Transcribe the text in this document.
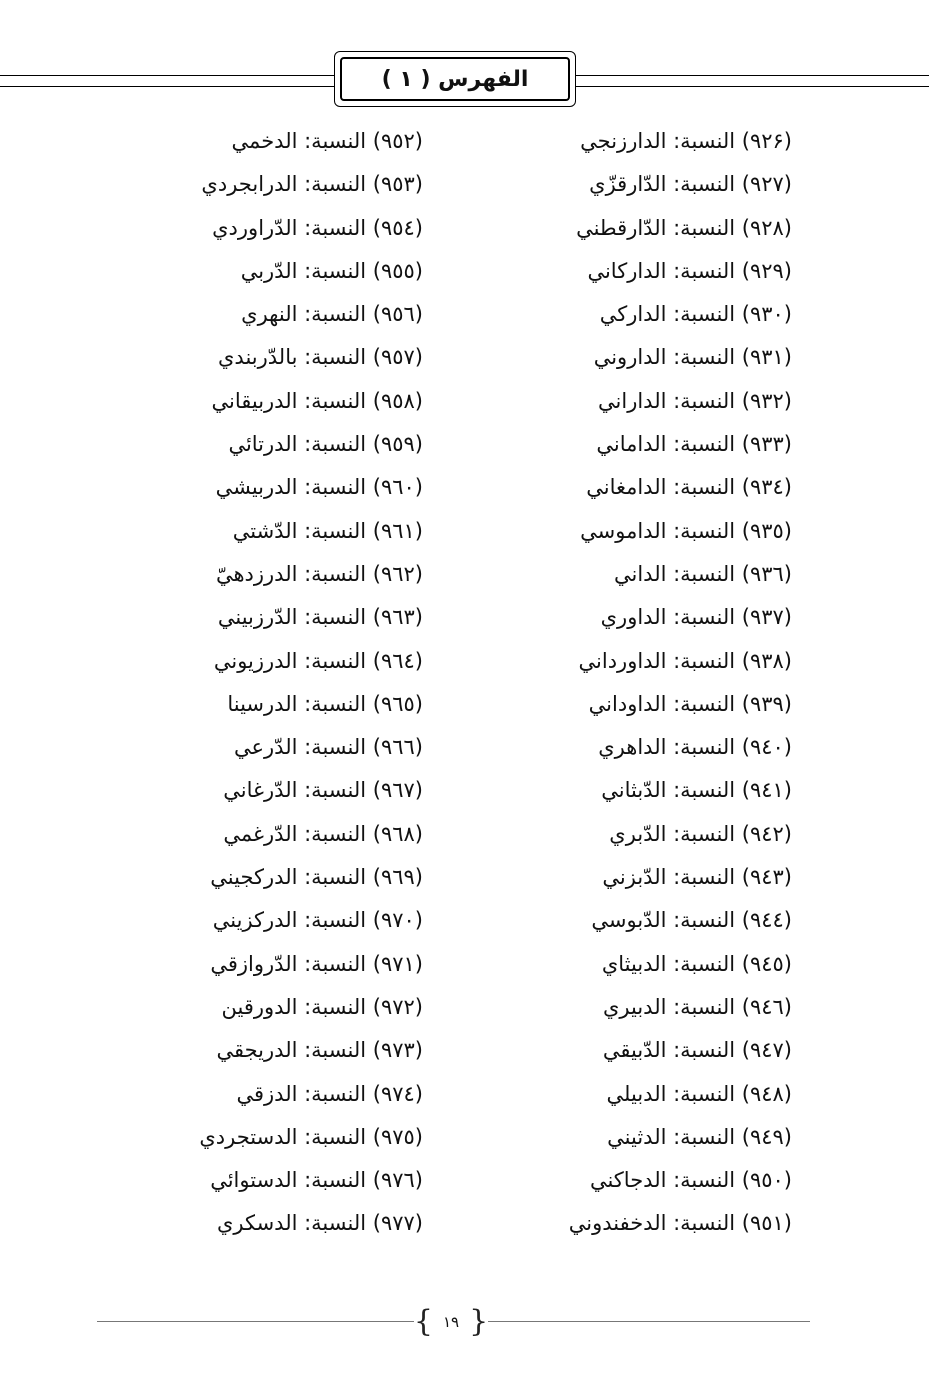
الفهرس ( ۱ )
(۹۲۶) النسبة: الدارزنجي
(۹۲۷) النسبة: الدّارقزّي
(۹۲۸) النسبة: الدّارقطني
(۹۲۹) النسبة: الداركاني
(۹۳۰) النسبة: الداركي
(۹۳۱) النسبة: الداروني
(۹۳۲) النسبة: الداراني
(۹۳۳) النسبة: الداماني
(۹۳٤) النسبة: الدامغاني
(۹۳٥) النسبة: الداموسي
(۹۳٦) النسبة: الداني
(۹۳۷) النسبة: الداوري
(۹۳۸) النسبة: الداورداني
(۹۳۹) النسبة: الداوداني
(۹٤۰) النسبة: الداهري
(۹٤۱) النسبة: الدّبثاني
(۹٤۲) النسبة: الدّبري
(۹٤۳) النسبة: الدّبزني
(۹٤٤) النسبة: الدّبوسي
(۹٤٥) النسبة: الدبيثاي
(۹٤٦) النسبة: الدبيري
(۹٤۷) النسبة: الدّبيقي
(۹٤۸) النسبة: الدبيلي
(۹٤۹) النسبة: الدثيني
(۹٥۰) النسبة: الدجاكني
(۹٥۱) النسبة: الدخفندوني
(۹٥۲) النسبة: الدخمي
(۹٥۳) النسبة: الدرابجردي
(۹٥٤) النسبة: الدّراوردي
(۹٥٥) النسبة: الدّربي
(۹٥٦) النسبة: النهري
(۹٥۷) النسبة: بالدّربندي
(۹٥۸) النسبة: الدربيقاني
(۹٥۹) النسبة: الدرتائي
(۹٦۰) النسبة: الدربيشي
(۹٦۱) النسبة: الدّشتي
(۹٦۲) النسبة: الدرزدهيّ
(۹٦۳) النسبة: الدّرزبيني
(۹٦٤) النسبة: الدرزيوني
(۹٦٥) النسبة: الدرسينا
(۹٦٦) النسبة: الدّرعي
(۹٦۷) النسبة: الدّرغاني
(۹٦۸) النسبة: الدّرغمي
(۹٦۹) النسبة: الدركجيني
(۹۷۰) النسبة: الدركزيني
(۹۷۱) النسبة: الدّروازقي
(۹۷۲) النسبة: الدورقين
(۹۷۳) النسبة: الدريجقي
(۹۷٤) النسبة: الدزقي
(۹۷٥) النسبة: الدستجردي
(۹۷٦) النسبة: الدستوائي
(۹۷۷) النسبة: الدسكري
{ ۱۹ }
